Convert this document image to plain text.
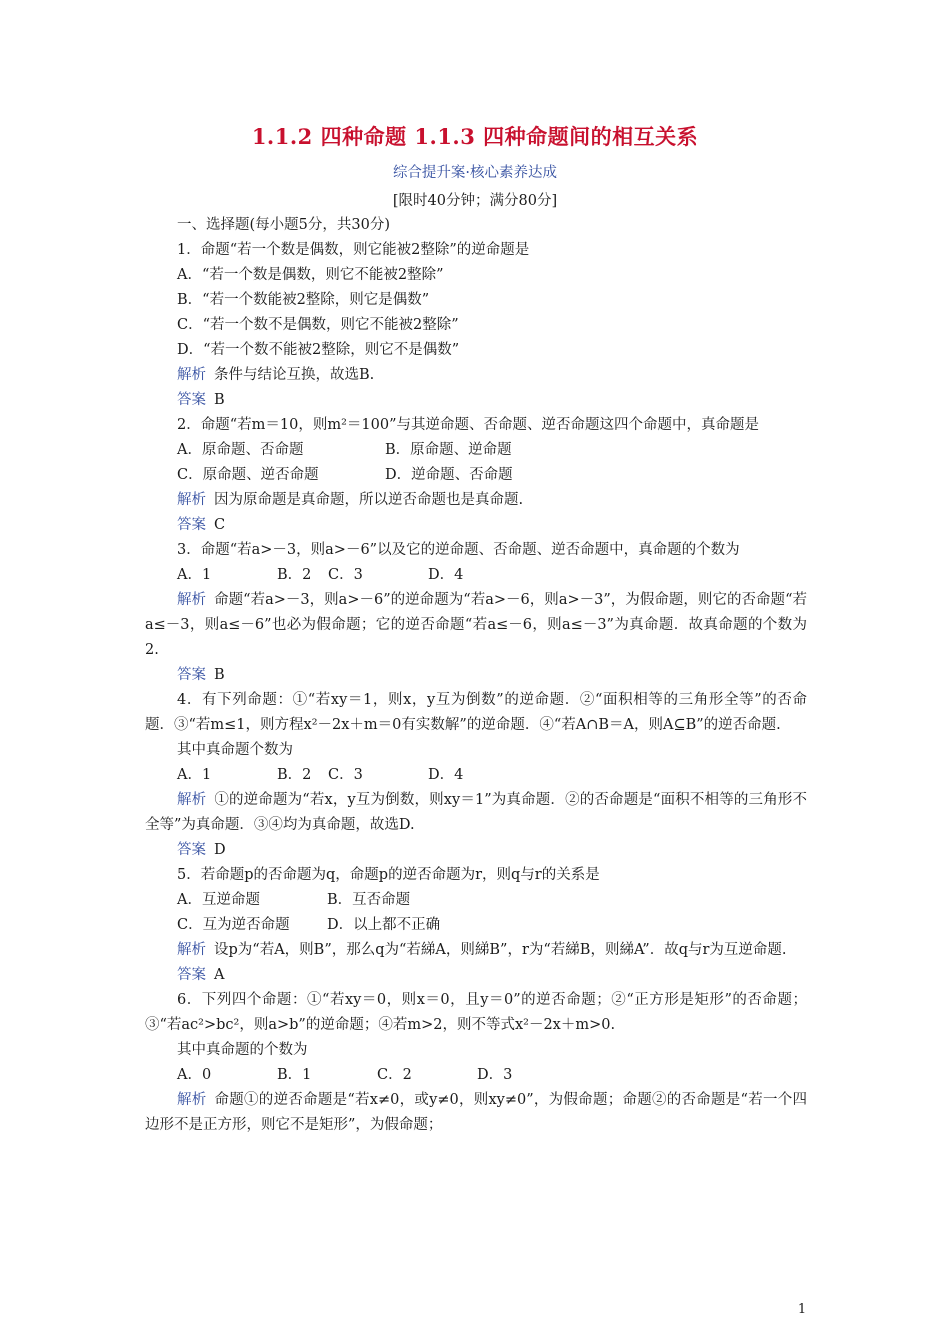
1.1.2 四种命题 1.1.3 四种命题间的相互关系
综合提升案·核心素养达成
[限时40分钟；满分80分]

一、选择题(每小题5分，共30分)

1．命题“若一个数是偶数，则它能被2整除”的逆命题是

A．“若一个数是偶数，则它不能被2整除”

B．“若一个数能被2整除，则它是偶数”

C．“若一个数不是偶数，则它不能被2整除”

D．“若一个数不能被2整除，则它不是偶数”

解析 条件与结论互换，故选B.

答案 B

2．命题“若m＝10，则m²＝100”与其逆命题、否命题、逆否命题这四个命题中，真命题是

A．原命题、否命题	B．原命题、逆命题

C．原命题、逆否命题	D．逆命题、否命题

解析 因为原命题是真命题，所以逆否命题也是真命题.

答案 C

3．命题“若a>－3，则a>－6”以及它的逆命题、否命题、逆否命题中，真命题的个数为

A．1	B．2 C．3	D．4

解析 命题“若a>－3，则a>－6”的逆命题为“若a>－6，则a>－3”，为假命题，则它的否命题“若a≤－3，则a≤－6”也必为假命题；它的逆否命题“若a≤－6，则a≤－3”为真命题．故真命题的个数为2.

答案 B

4．有下列命题：①“若xy＝1，则x，y互为倒数”的逆命题．②“面积相等的三角形全等”的否命题．③“若m≤1，则方程x²－2x＋m＝0有实数解”的逆命题．④“若A∩B＝A，则A⊆B”的逆否命题.

其中真命题个数为

A．1	B．2 C．3	D．4

解析 ①的逆命题为“若x，y互为倒数，则xy＝1”为真命题．②的否命题是“面积不相等的三角形不全等”为真命题．③④均为真命题，故选D.

答案 D

5．若命题p的否命题为q，命题p的逆否命题为r，则q与r的关系是

A．互逆命题	B．互否命题

C．互为逆否命题	D．以上都不正确

解析 设p为“若A，则B”，那么q为“若綈A，则綈B”，r为“若綈B，则綈A”．故q与r为互逆命题.

答案 A

6．下列四个命题：①“若xy＝0，则x＝0，且y＝0”的逆否命题；②“正方形是矩形”的否命题；③“若ac²>bc²，则a>b”的逆命题；④若m>2，则不等式x²－2x＋m>0.

其中真命题的个数为

A．0	B．1	C．2	D．3

解析 命题①的逆否命题是“若x≠0，或y≠0，则xy≠0”，为假命题；命题②的否命题是“若一个四边形不是正方形，则它不是矩形”，为假命题；

1
